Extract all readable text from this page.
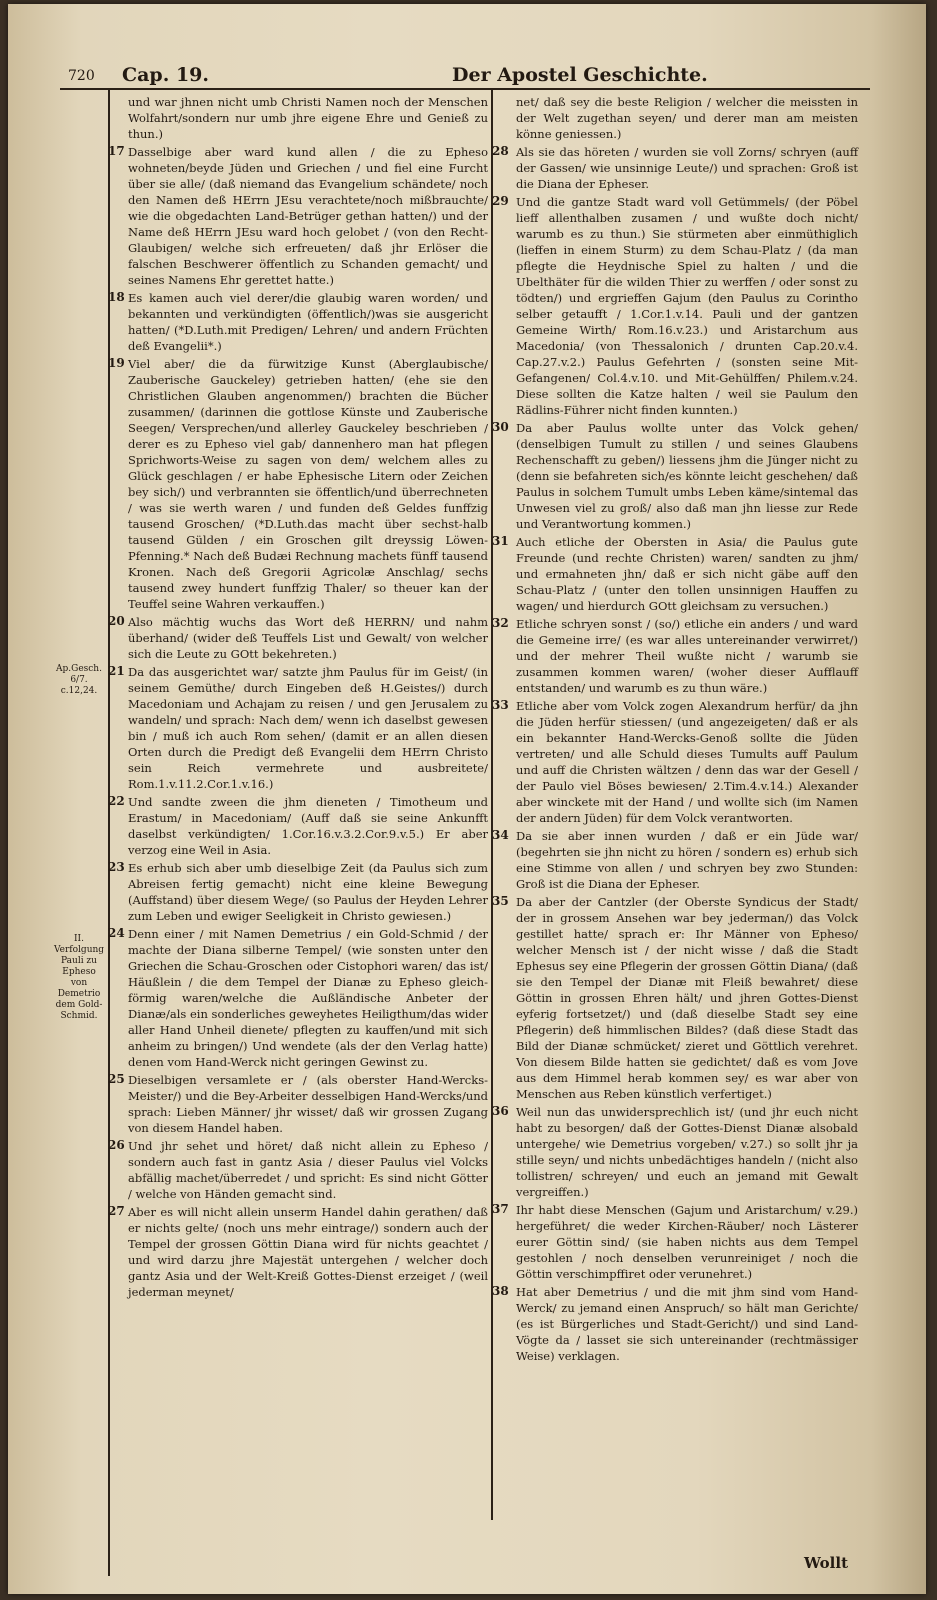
720 Cap. 19.	Der Apostel Geschichte.
Ap.Gesch. 6/7. c.12,24.
II. Verfolgung Pauli zu Epheso von Demetrio dem Gold-Schmid.
und war jhnen nicht umb Christi Namen noch der Menschen Wolfahrt/sondern nur umb jhre eigene Ehre und Genieß zu thun.)
17 Dasselbige aber ward kund allen / die zu Epheso wohneten/beyde Jüden und Griechen / und fiel eine Furcht über sie alle/ (daß niemand das Evangelium schändete/ noch den Namen deß HErrn JEsu verachtete/noch mißbrauchte/ wie die obgedachten Land-Betrüger gethan hatten/) und der Name deß HErrn JEsu ward hoch gelobet / (von den Recht-Glaubigen/ welche sich erfreueten/ daß jhr Erlöser die falschen Beschwerer öffentlich zu Schanden gemacht/ und seines Namens Ehr gerettet hatte.)
18 Es kamen auch viel derer/die glaubig waren worden/ und bekannten und verkündigten (öffentlich/)was sie ausgericht hatten/ (*D.Luth.mit Predigen/ Lehren/ und andern Früchten deß Evangelii*.)
19 Viel aber/ die da fürwitzige Kunst (Aberglaubische/ Zauberische Gauckeley) getrieben hatten/ (ehe sie den Christlichen Glauben angenommen/) brachten die Bücher zusammen/ (darinnen die gottlose Künste und Zauberische Seegen/ Versprechen/und allerley Gauckeley beschrieben / derer es zu Epheso viel gab/ dannenhero man hat pflegen Sprichworts-Weise zu sagen von dem/ welchem alles zu Glück geschlagen / er habe Ephesische Litern oder Zeichen bey sich/) und verbrannten sie öffentlich/und überrechneten / was sie werth waren / und funden deß Geldes funffzig tausend Groschen/ (*D.Luth.das macht über sechst-halb tausend Gülden / ein Groschen gilt dreyssig Löwen-Pfenning.* Nach deß Budæi Rechnung machets fünff tausend Kronen. Nach deß Gregorii Agricolæ Anschlag/ sechs tausend zwey hundert funffzig Thaler/ so theuer kan der Teuffel seine Wahren verkauffen.)
20 Also mächtig wuchs das Wort deß HERRN/ und nahm überhand/ (wider deß Teuffels List und Gewalt/ von welcher sich die Leute zu GOtt bekehreten.)
21 Da das ausgerichtet war/ satzte jhm Paulus für im Geist/ (in seinem Gemüthe/ durch Eingeben deß H.Geistes/) durch Macedoniam und Achajam zu reisen / und gen Jerusalem zu wandeln/ und sprach: Nach dem/ wenn ich daselbst gewesen bin / muß ich auch Rom sehen/ (damit er an allen diesen Orten durch die Predigt deß Evangelii dem HErrn Christo sein Reich vermehrete und ausbreitete/ Rom.1.v.11.2.Cor.1.v.16.)
22 Und sandte zween die jhm dieneten / Timotheum und Erastum/ in Macedoniam/ (Auff daß sie seine Ankunfft daselbst verkündigten/ 1.Cor.16.v.3.2.Cor.9.v.5.) Er aber verzog eine Weil in Asia.
23 Es erhub sich aber umb dieselbige Zeit (da Paulus sich zum Abreisen fertig gemacht) nicht eine kleine Bewegung (Auffstand) über diesem Wege/ (so Paulus der Heyden Lehrer zum Leben und ewiger Seeligkeit in Christo gewiesen.)
24 Denn einer / mit Namen Demetrius / ein Gold-Schmid / der machte der Diana silberne Tempel/ (wie sonsten unter den Griechen die Schau-Groschen oder Cistophori waren/ das ist/ Häußlein / die dem Tempel der Dianæ zu Epheso gleich-förmig waren/welche die Außländische Anbeter der Dianæ/als ein sonderliches geweyhetes Heiligthum/das wider aller Hand Unheil dienete/ pflegten zu kauffen/und mit sich anheim zu bringen/) Und wendete (als der den Verlag hatte) denen vom Hand-Werck nicht geringen Gewinst zu.
25 Dieselbigen versamlete er / (als oberster Hand-Wercks-Meister/) und die Bey-Arbeiter desselbigen Hand-Wercks/und sprach: Lieben Männer/ jhr wisset/ daß wir grossen Zugang von diesem Handel haben.
26 Und jhr sehet und höret/ daß nicht allein zu Epheso / sondern auch fast in gantz Asia / dieser Paulus viel Volcks abfällig machet/überredet / und spricht: Es sind nicht Götter / welche von Händen gemacht sind.
27 Aber es will nicht allein unserm Handel dahin gerathen/ daß er nichts gelte/ (noch uns mehr eintrage/) sondern auch der Tempel der grossen Göttin Diana wird für nichts geachtet / und wird darzu jhre Majestät untergehen / welcher doch gantz Asia und der Welt-Kreiß Gottes-Dienst erzeiget / (weil jederman meynet/
net/ daß sey die beste Religion / welcher die meissten in der Welt zugethan seyen/ und derer man am meisten könne geniessen.)
28 Als sie das höreten / wurden sie voll Zorns/ schryen (auff der Gassen/ wie unsinnige Leute/) und sprachen: Groß ist die Diana der Epheser.
29 Und die gantze Stadt ward voll Getümmels/ (der Pöbel lieff allenthalben zusamen / und wußte doch nicht/ warumb es zu thun.) Sie stürmeten aber einmüthiglich (lieffen in einem Sturm) zu dem Schau-Platz / (da man pflegte die Heydnische Spiel zu halten / und die Ubelthäter für die wilden Thier zu werffen / oder sonst zu tödten/) und ergrieffen Gajum (den Paulus zu Corintho selber getaufft / 1.Cor.1.v.14. Pauli und der gantzen Gemeine Wirth/ Rom.16.v.23.) und Aristarchum aus Macedonia/ (von Thessalonich / drunten Cap.20.v.4. Cap.27.v.2.) Paulus Gefehrten / (sonsten seine Mit-Gefangenen/ Col.4.v.10. und Mit-Gehülffen/ Philem.v.24. Diese sollten die Katze halten / weil sie Paulum den Rädlins-Führer nicht finden kunnten.)
30 Da aber Paulus wollte unter das Volck gehen/ (denselbigen Tumult zu stillen / und seines Glaubens Rechenschafft zu geben/) liessens jhm die Jünger nicht zu (denn sie befahreten sich/es könnte leicht geschehen/ daß Paulus in solchem Tumult umbs Leben käme/sintemal das Unwesen viel zu groß/ also daß man jhn liesse zur Rede und Verantwortung kommen.)
31 Auch etliche der Obersten in Asia/ die Paulus gute Freunde (und rechte Christen) waren/ sandten zu jhm/ und ermahneten jhn/ daß er sich nicht gäbe auff den Schau-Platz / (unter den tollen unsinnigen Hauffen zu wagen/ und hierdurch GOtt gleichsam zu versuchen.)
32 Etliche schryen sonst / (so/) etliche ein anders / und ward die Gemeine irre/ (es war alles untereinander verwirret/) und der mehrer Theil wußte nicht / warumb sie zusammen kommen waren/ (woher dieser Aufflauff entstanden/ und warumb es zu thun wäre.)
33 Etliche aber vom Volck zogen Alexandrum herfür/ da jhn die Jüden herfür stiessen/ (und angezeigeten/ daß er als ein bekannter Hand-Wercks-Genoß sollte die Jüden vertreten/ und alle Schuld dieses Tumults auff Paulum und auff die Christen wältzen / denn das war der Gesell / der Paulo viel Böses bewiesen/ 2.Tim.4.v.14.) Alexander aber winckete mit der Hand / und wollte sich (im Namen der andern Jüden) für dem Volck verantworten.
34 Da sie aber innen wurden / daß er ein Jüde war/ (begehrten sie jhn nicht zu hören / sondern es) erhub sich eine Stimme von allen / und schryen bey zwo Stunden: Groß ist die Diana der Epheser.
35 Da aber der Cantzler (der Oberste Syndicus der Stadt/ der in grossem Ansehen war bey jederman/) das Volck gestillet hatte/ sprach er: Ihr Männer von Epheso/ welcher Mensch ist / der nicht wisse / daß die Stadt Ephesus sey eine Pflegerin der grossen Göttin Diana/ (daß sie den Tempel der Dianæ mit Fleiß bewahret/ diese Göttin in grossen Ehren hält/ und jhren Gottes-Dienst eyferig fortsetzet/) und (daß dieselbe Stadt sey eine Pflegerin) deß himmlischen Bildes? (daß diese Stadt das Bild der Dianæ schmücket/ zieret und Göttlich verehret. Von diesem Bilde hatten sie gedichtet/ daß es vom Jove aus dem Himmel herab kommen sey/ es war aber von Menschen aus Reben künstlich verfertiget.)
36 Weil nun das unwidersprechlich ist/ (und jhr euch nicht habt zu besorgen/ daß der Gottes-Dienst Dianæ alsobald untergehe/ wie Demetrius vorgeben/ v.27.) so sollt jhr ja stille seyn/ und nichts unbedächtiges handeln / (nicht also tollistren/ schreyen/ und euch an jemand mit Gewalt vergreiffen.)
37 Ihr habt diese Menschen (Gajum und Aristarchum/ v.29.) hergeführet/ die weder Kirchen-Räuber/ noch Lästerer eurer Göttin sind/ (sie haben nichts aus dem Tempel gestohlen / noch denselben verunreiniget / noch die Göttin verschimpffiret oder verunehret.)
38 Hat aber Demetrius / und die mit jhm sind vom Hand-Werck/ zu jemand einen Anspruch/ so hält man Gerichte/ (es ist Bürgerliches und Stadt-Gericht/) und sind Land-Vögte da / lasset sie sich untereinander (rechtmässiger Weise) verklagen.
Wollt
